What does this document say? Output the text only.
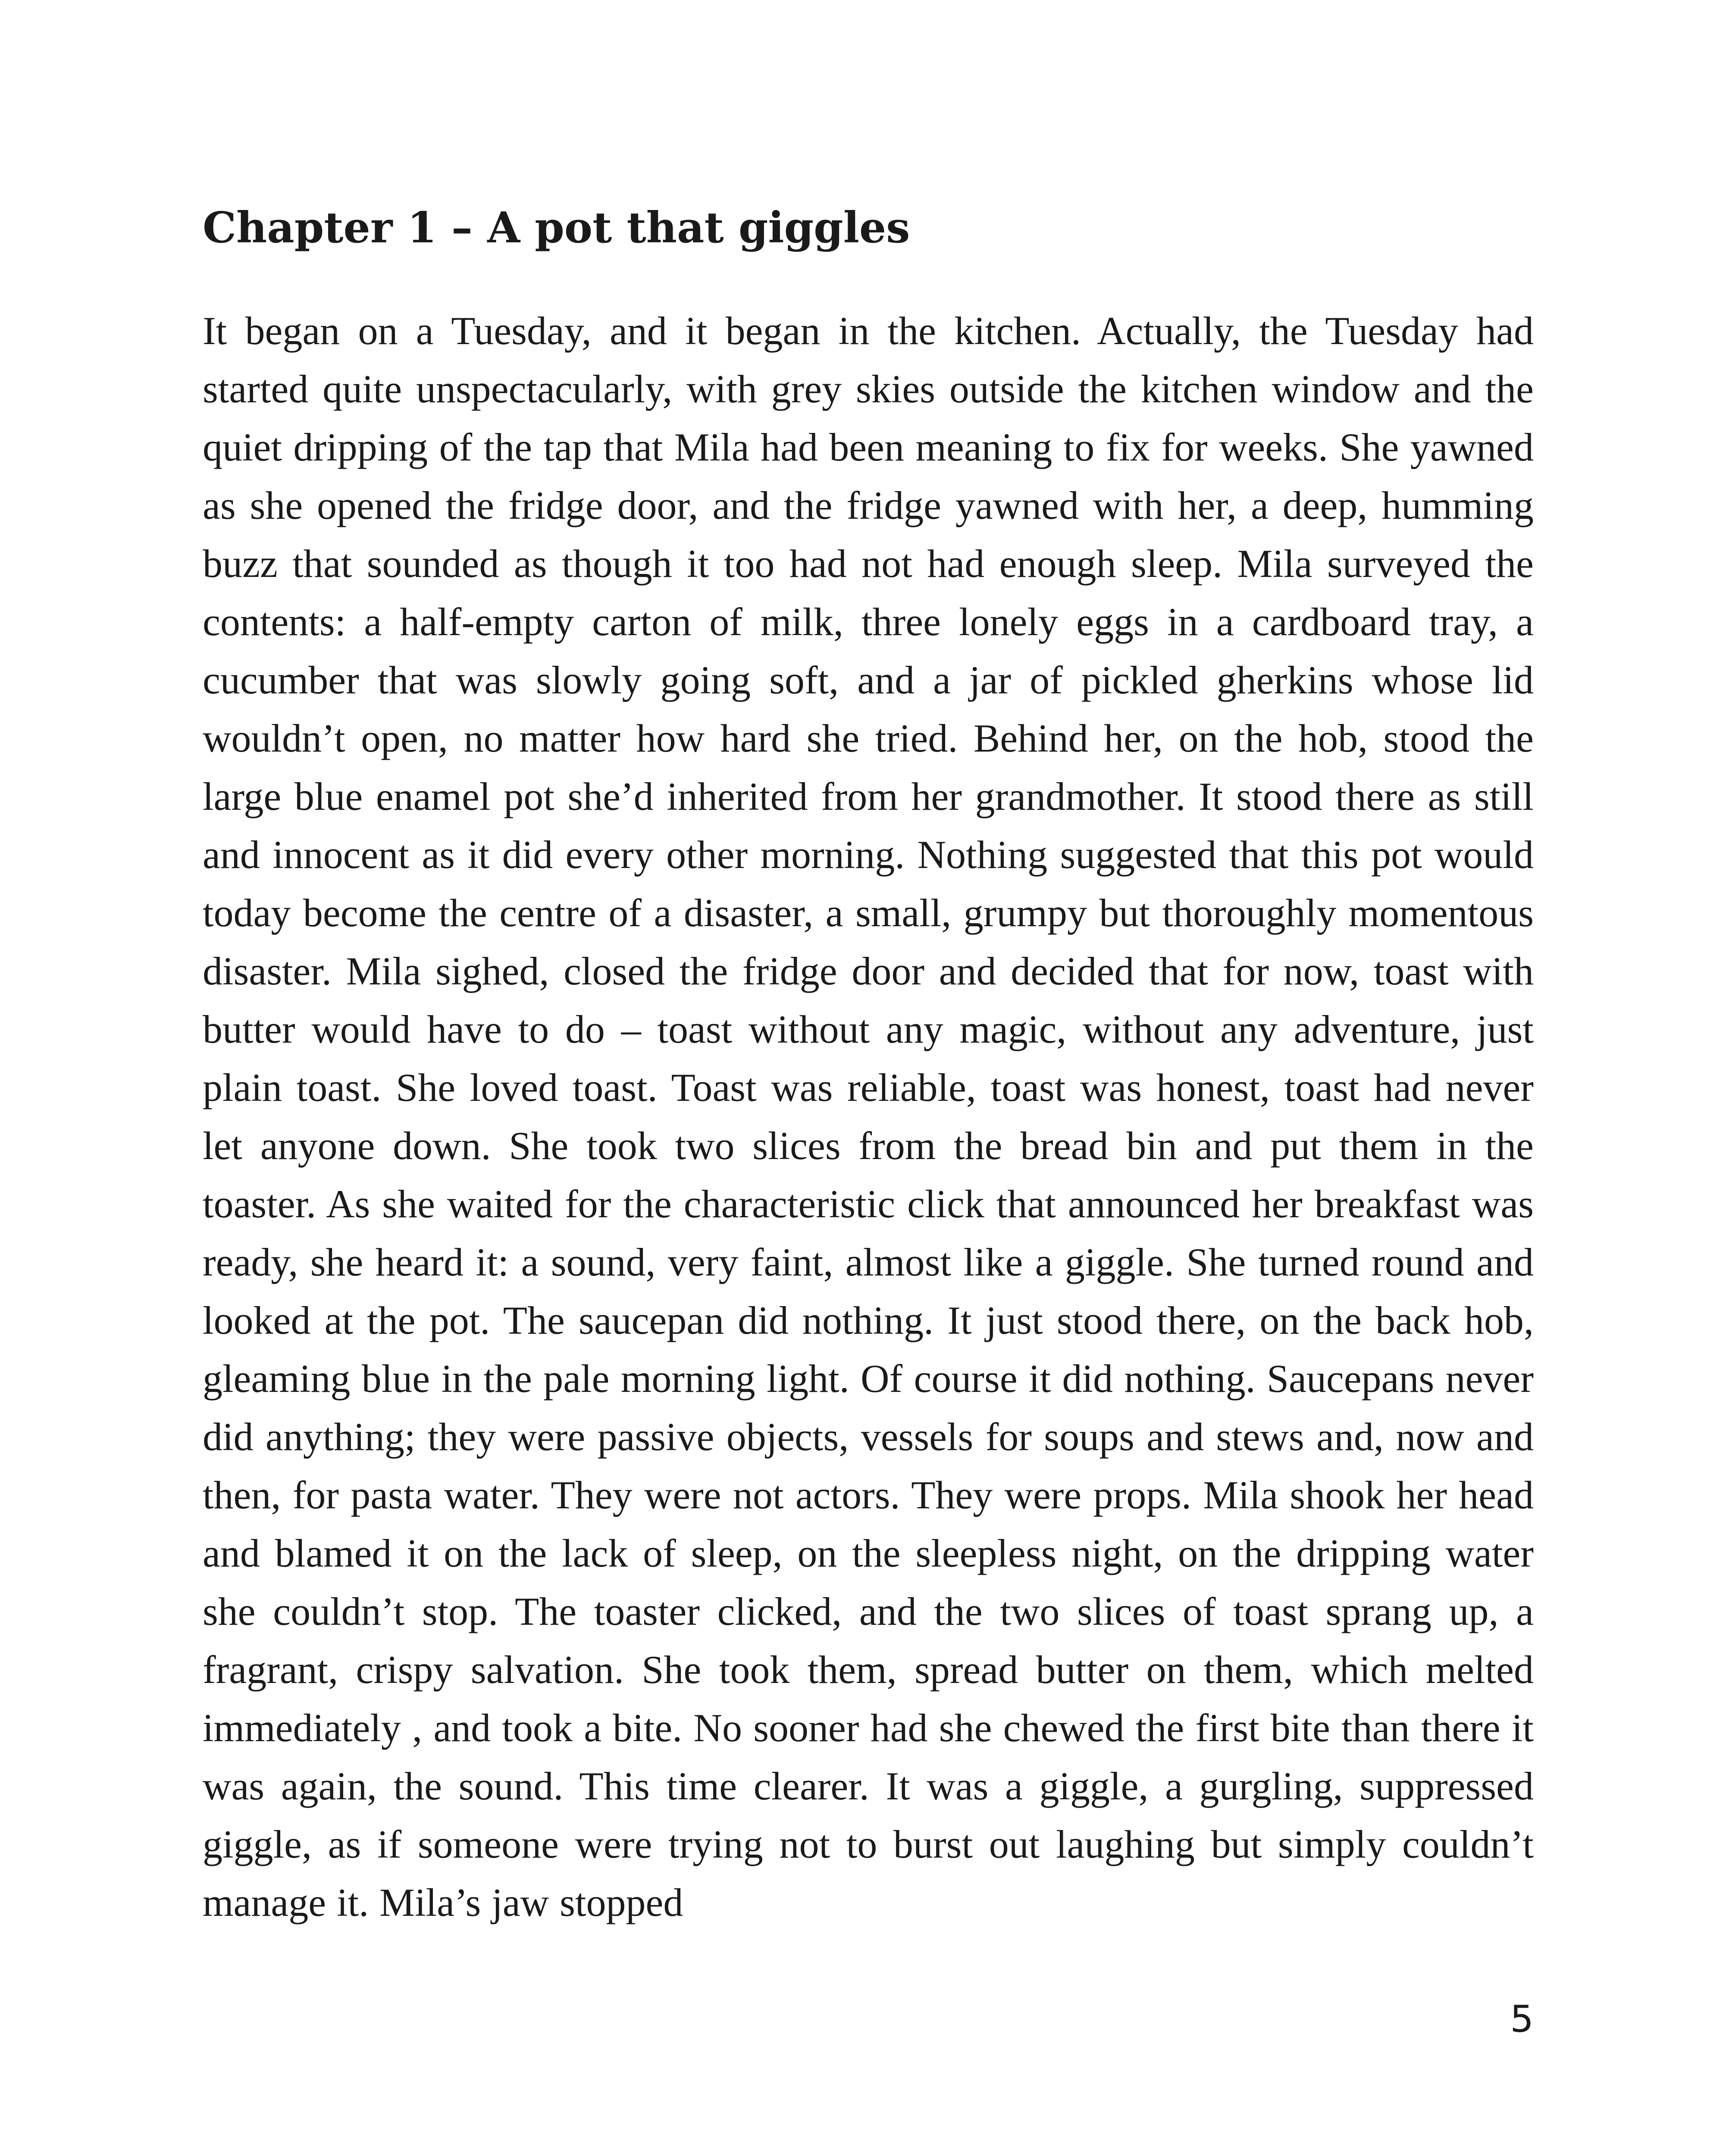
Chapter 1 – A pot that giggles

It began on a Tuesday, and it began in the kitchen. Actually, the Tuesday had started quite unspectacularly, with grey skies outside the kitchen window and the quiet dripping of the tap that Mila had been meaning to fix for weeks. She yawned as she opened the fridge door, and the fridge yawned with her, a deep, humming buzz that sounded as though it too had not had enough sleep. Mila surveyed the contents: a half-empty carton of milk, three lonely eggs in a cardboard tray, a cucumber that was slowly going soft, and a jar of pickled gherkins whose lid wouldn’t open, no matter how hard she tried. Behind her, on the hob, stood the large blue enamel pot she’d inherited from her grandmother. It stood there as still and innocent as it did every other morning. Nothing suggested that this pot would today become the centre of a disaster, a small, grumpy but thoroughly momentous disaster. Mila sighed, closed the fridge door and decided that for now, toast with butter would have to do – toast without any magic, without any adventure, just plain toast. She loved toast. Toast was reliable, toast was honest, toast had never let anyone down. She took two slices from the bread bin and put them in the toaster. As she waited for the characteristic click that announced her breakfast was ready, she heard it: a sound, very faint, almost like a giggle. She turned round and looked at the pot. The saucepan did nothing. It just stood there, on the back hob, gleaming blue in the pale morning light. Of course it did nothing. Saucepans never did anything; they were passive objects, vessels for soups and stews and, now and then, for pasta water. They were not actors. They were props. Mila shook her head and blamed it on the lack of sleep, on the sleepless night, on the dripping water she couldn’t stop. The toaster clicked, and the two slices of toast sprang up, a fragrant, crispy salvation. She took them, spread butter on them, which melted immediately , and took a bite. No sooner had she chewed the first bite than there it was again, the sound. This time clearer. It was a giggle, a gurgling, suppressed giggle, as if someone were trying not to burst out laughing but simply couldn’t manage it. Mila’s jaw stopped

5
